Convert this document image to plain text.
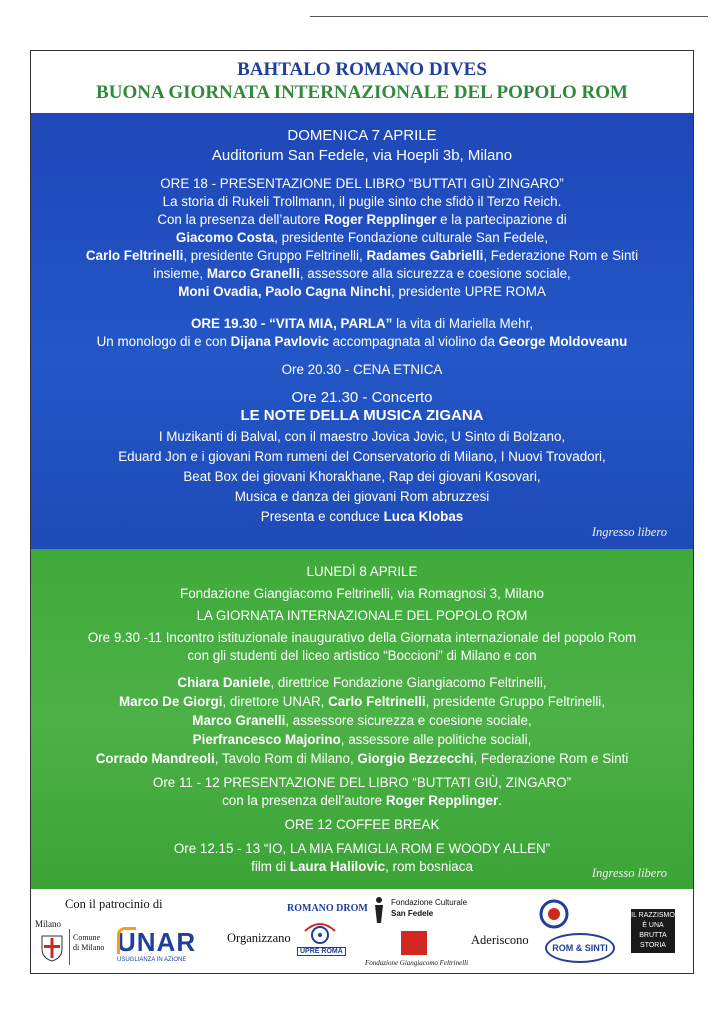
BAHTALO ROMANO DIVES
BUONA GIORNATA INTERNAZIONALE DEL POPOLO ROM

DOMENICA 7 APRILE

Auditorium San Fedele, via Hoepli 3b, Milano

ORE 18 - PRESENTAZIONE DEL LIBRO “BUTTATI GIÙ ZINGARO”

La storia di Rukeli Trollmann, il pugile sinto che sfidò il Terzo Reich.

Con la presenza dell’autore Roger Repplinger e la partecipazione di

Giacomo Costa, presidente Fondazione culturale San Fedele,

Carlo Feltrinelli, presidente Gruppo Feltrinelli, Radames Gabrielli, Federazione Rom e Sinti

insieme, Marco Granelli, assessore alla sicurezza e coesione sociale,

Moni Ovadia, Paolo Cagna Ninchi, presidente UPRE ROMA

ORE 19.30 - “VITA MIA, PARLA” la vita di Mariella Mehr,

Un monologo di e con Dijana Pavlovic accompagnata al violino da George Moldoveanu

Ore 20.30 - CENA ETNICA

Ore 21.30 - Concerto

LE NOTE DELLA MUSICA ZIGANA

I Muzikanti di Balval, con il maestro Jovica Jovic, U Sinto di Bolzano,

Eduard Jon e i giovani Rom rumeni del Conservatorio di Milano, I Nuovi Trovadori,

Beat Box dei giovani Khorakhane, Rap dei giovani Kosovari,

Musica e danza dei giovani Rom abruzzesi

Presenta e conduce Luca Klobas

Ingresso libero

LUNEDÌ 8 APRILE

Fondazione Giangiacomo Feltrinelli, via Romagnosi 3, Milano

LA GIORNATA INTERNAZIONALE DEL POPOLO ROM

Ore 9.30 -11 Incontro istituzionale inaugurativo della Giornata internazionale del popolo Rom

con gli studenti del liceo artistico “Boccioni” di Milano e con

Chiara Daniele, direttrice Fondazione Giangiacomo Feltrinelli,

Marco De Giorgi, direttore UNAR, Carlo Feltrinelli, presidente Gruppo Feltrinelli,

Marco Granelli, assessore sicurezza e coesione sociale,

Pierfrancesco Majorino, assessore alle politiche sociali,

Corrado Mandreoli, Tavolo Rom di Milano, Giorgio Bezzecchi, Federazione Rom e Sinti

Ore 11 - 12 PRESENTAZIONE DEL LIBRO “BUTTATI GIÙ, ZINGARO”

con la presenza dell’autore Roger Repplinger.

ORE 12 COFFEE BREAK

Ore 12.15 - 13 “IO, LA MIA FAMIGLIA ROM E WOODY ALLEN”

film di Laura Halilovic, rom bosniaca	Ingresso libero
Con il patrocinio di
Milano
Comune
di Milano UNAR
USUGLIANZA IN AZIONE
Organizzano
ROMANO DROM
UPRE ROMA
Fondazione Culturale
San Fedele
Fondazione Giangiacomo Feltrinelli
Aderiscono
ROM & SINTI
IL RAZZISMO È UNA BRUTTA STORIA
